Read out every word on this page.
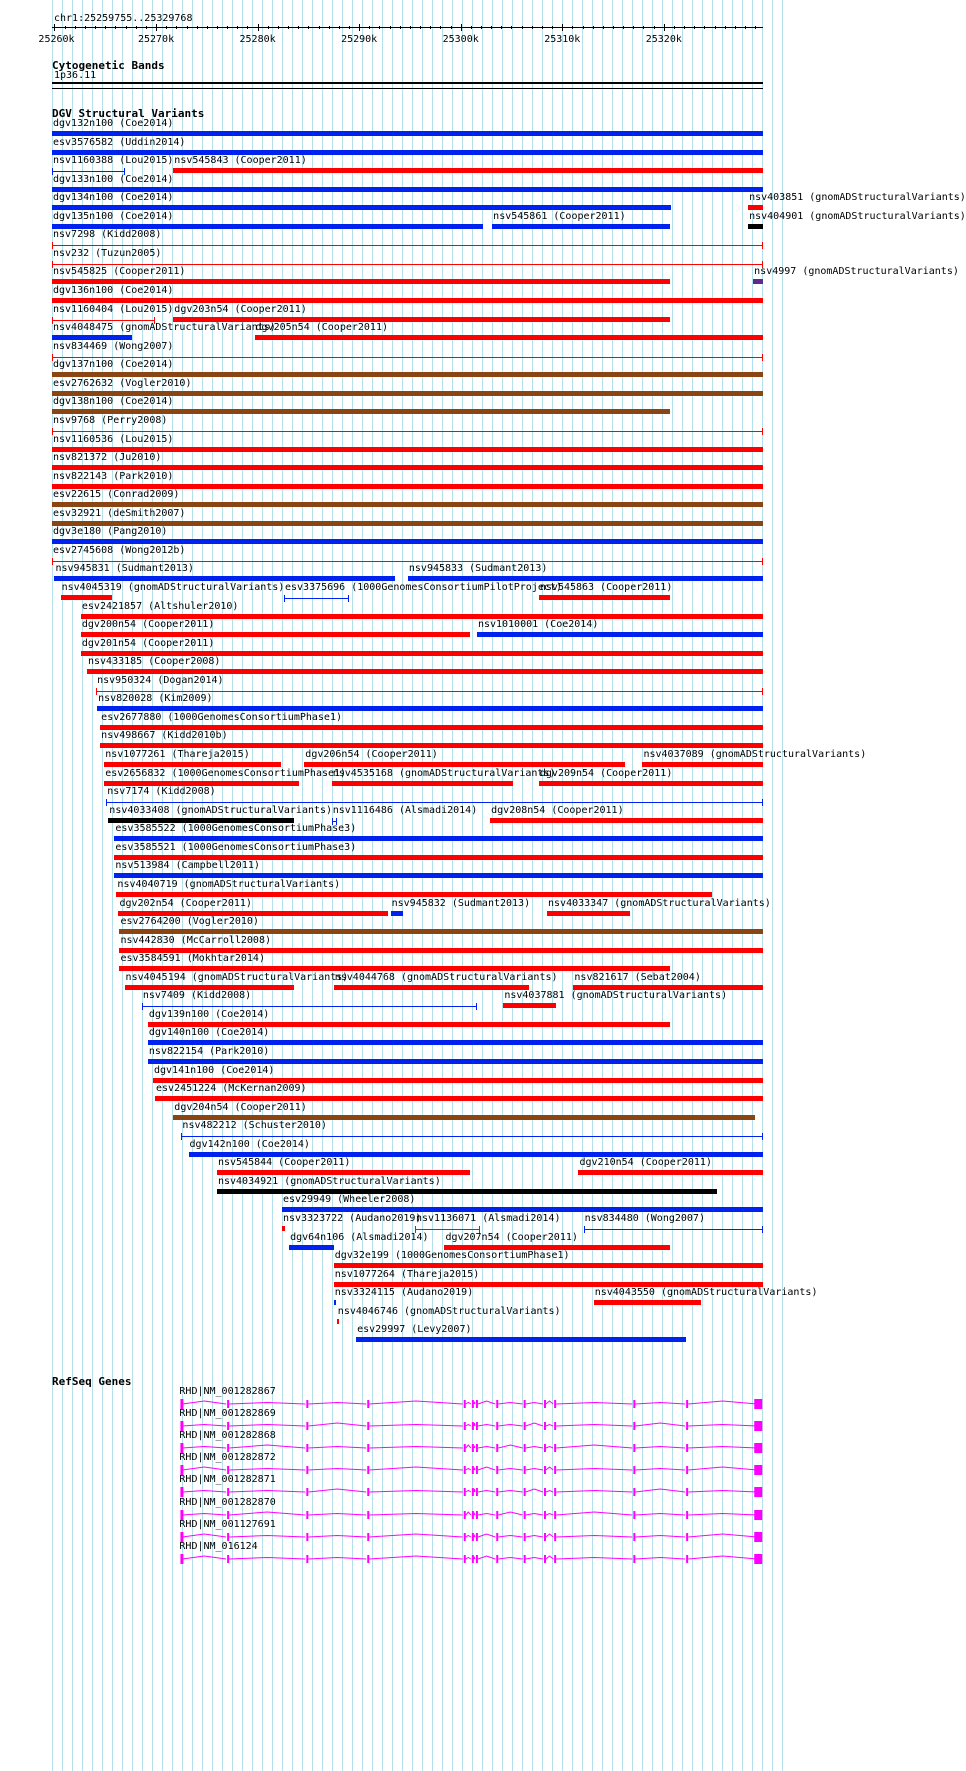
chr1:25259755..25329768
25260k	25270k	25280k	25290k	25300k	25310k	25320k
Cytogenetic Bands
1p36.11
DGV Structural Variants
dgv132n100 (Coe2014)
esv3576582 (Uddin2014)
nsv1160388 (Lou2015) nsv545843 (Cooper2011)
dgv133n100 (Coe2014)
dgv134n100 (Coe2014)	nsv403851 (gnomADStructuralVariants)
dgv135n100 (Coe2014)	nsv545861 (Cooper2011)	nsv404901 (gnomADStructuralVariants)
nsv7298 (Kidd2008)
nsv232 (Tuzun2005)
nsv545825 (Cooper2011)	nsv4997 (gnomADStructuralVariants)
dgv136n100 (Coe2014)
nsv1160404 (Lou2015) dgv203n54 (Cooper2011)
nsv4048475 (gnomADStructuralVariants)
dgv205n54 (Cooper2011)
nsv834469 (Wong2007)
dgv137n100 (Coe2014)
esv2762632 (Vogler2010)
dgv138n100 (Coe2014)
nsv9768 (Perry2008)
nsv1160536 (Lou2015)
nsv821372 (Ju2010)
nsv822143 (Park2010)
esv22615 (Conrad2009)
esv32921 (deSmith2007)
dgv3e180 (Pang2010)
esv2745608 (Wong2012b)
nsv945831 (Sudmant2013)	nsv945833 (Sudmant2013)
nsv4045319 (gnomADStructuralVariants) esv3375696 (1000GenomesConsortiumPilotProject)
nsv545863 (Cooper2011)
esv2421857 (Altshuler2010)
dgv200n54 (Cooper2011)	nsv1010001 (Coe2014)
dgv201n54 (Cooper2011)
nsv433185 (Cooper2008)
nsv950324 (Dogan2014)
nsv820028 (Kim2009)
esv2677880 (1000GenomesConsortiumPhase1)
nsv498667 (Kidd2010b)
nsv1077261 (Thareja2015)	dgv206n54 (Cooper2011)	nsv4037089 (gnomADStructuralVariants)
esv2656832 (1000GenomesConsortiumPhase1)
nsv4535168 (gnomADStructuralVariants)
dgv209n54 (Cooper2011)
nsv7174 (Kidd2008)
nsv4033408 (gnomADStructuralVariants) nsv1116486 (Alsmadi2014) dgv208n54 (Cooper2011)
esv3585522 (1000GenomesConsortiumPhase3)
esv3585521 (1000GenomesConsortiumPhase3)
nsv513984 (Campbell2011)
nsv4040719 (gnomADStructuralVariants)
dgv202n54 (Cooper2011)	nsv945832 (Sudmant2013) nsv4033347 (gnomADStructuralVariants)
esv2764200 (Vogler2010)
nsv442830 (McCarroll2008)
esv3584591 (Mokhtar2014)
nsv4045194 (gnomADStructuralVariants)
nsv4044768 (gnomADStructuralVariants) nsv821617 (Sebat2004)
nsv7409 (Kidd2008)	nsv4037881 (gnomADStructuralVariants)
dgv139n100 (Coe2014)
dgv140n100 (Coe2014)
nsv822154 (Park2010)
dgv141n100 (Coe2014)
esv2451224 (McKernan2009)
dgv204n54 (Cooper2011)
nsv482212 (Schuster2010)
dgv142n100 (Coe2014)
nsv545844 (Cooper2011)	dgv210n54 (Cooper2011)
nsv4034921 (gnomADStructuralVariants)
esv29949 (Wheeler2008)
nsv3323722 (Audano2019)
nsv1136071 (Alsmadi2014) nsv834480 (Wong2007)
dgv64n106 (Alsmadi2014) dgv207n54 (Cooper2011)
dgv32e199 (1000GenomesConsortiumPhase1)
nsv1077264 (Thareja2015)
nsv3324115 (Audano2019)	nsv4043550 (gnomADStructuralVariants)
nsv4046746 (gnomADStructuralVariants)
esv29997 (Levy2007)
RefSeq Genes
RHD|NM_001282867
RHD|NM_001282869
RHD|NM_001282868
RHD|NM_001282872
RHD|NM_001282871
RHD|NM_001282870
RHD|NM_001127691
RHD|NM_016124
